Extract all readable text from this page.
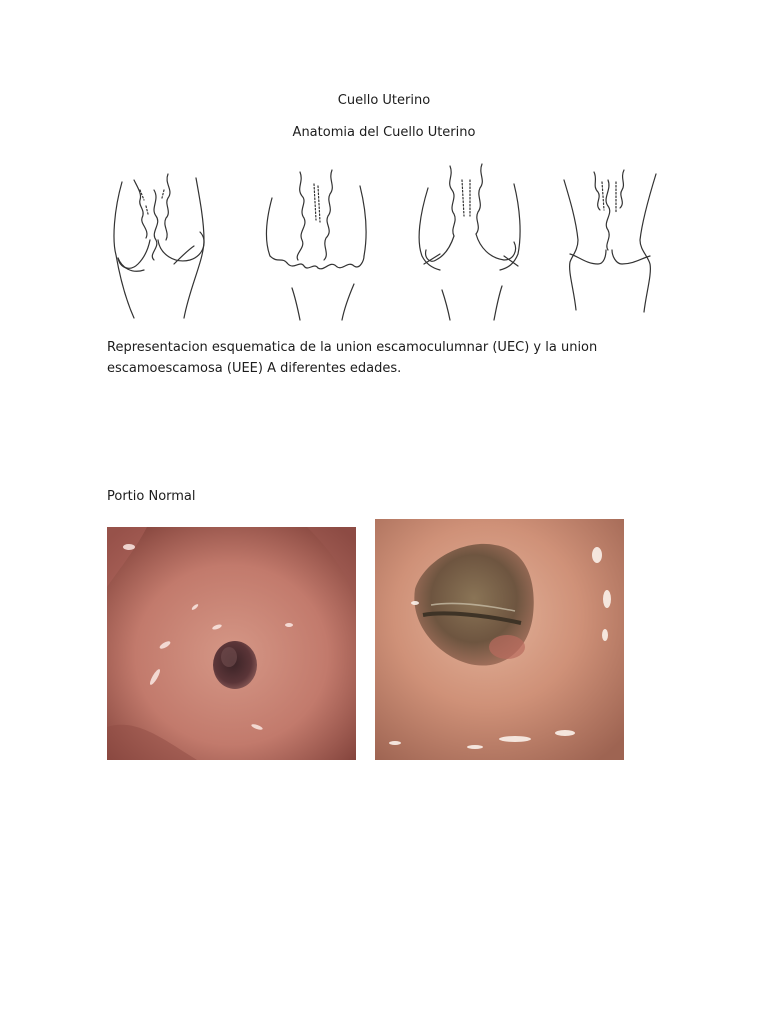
Cuello Uterino
Anatomia del Cuello Uterino
Representacion esquematica de la union escamoculumnar (UEC) y la union escamoescamosa (UEE) A diferentes edades.
Portio Normal
